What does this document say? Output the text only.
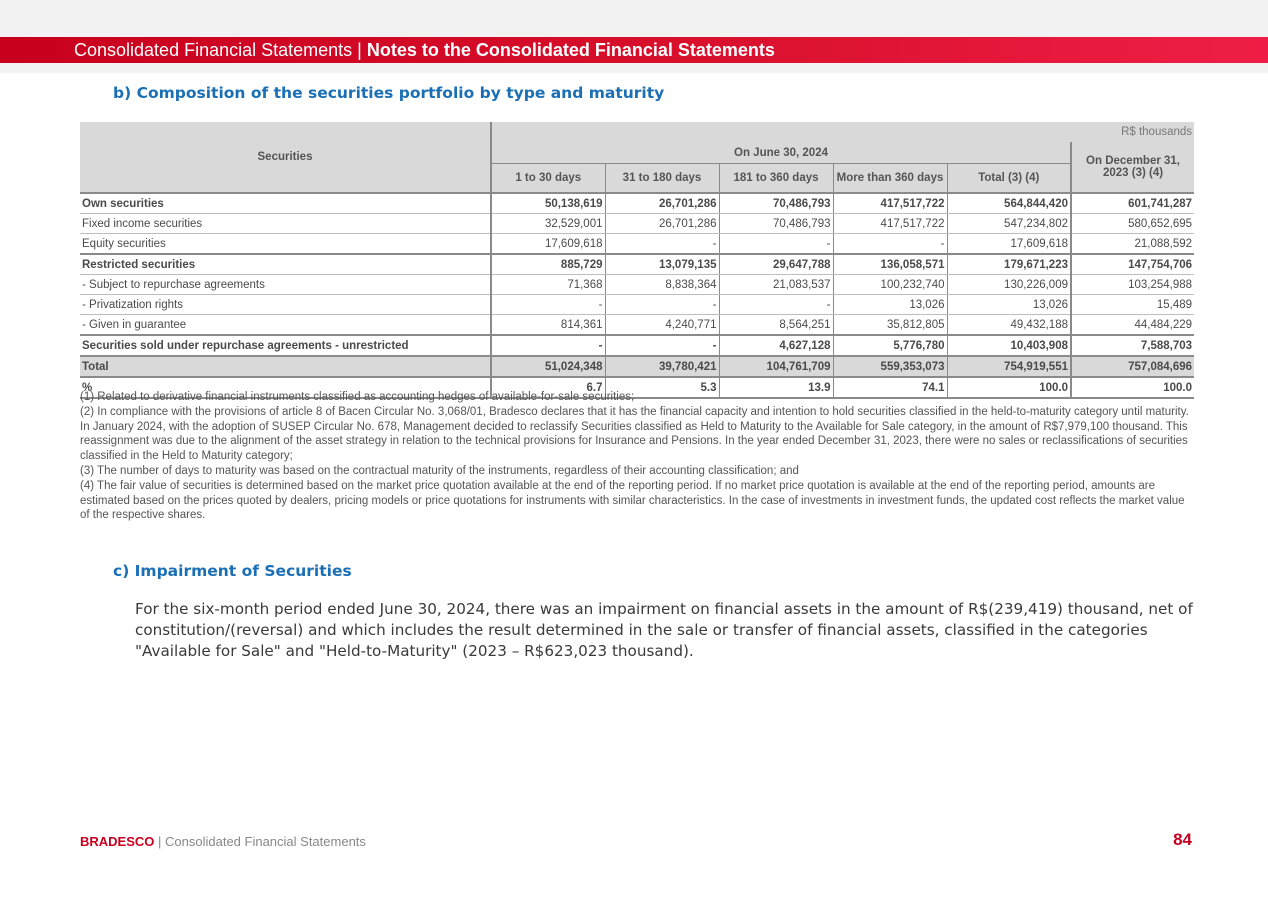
Consolidated Financial Statements | Notes to the Consolidated Financial Statements
b) Composition of the securities portfolio by type and maturity
Securities	R$ thousands					
	On June 30, 2024					On December 31, 2023 (3) (4)
	1 to 30 days	31 to 180 days	181 to 360 days	More than 360 days	Total (3) (4)	
Own securities	50,138,619	26,701,286	70,486,793	417,517,722	564,844,420	601,741,287
Fixed income securities	32,529,001	26,701,286	70,486,793	417,517,722	547,234,802	580,652,695
Equity securities	17,609,618	-	-	-	17,609,618	21,088,592
Restricted securities	885,729	13,079,135	29,647,788	136,058,571	179,671,223	147,754,706
- Subject to repurchase agreements	71,368	8,838,364	21,083,537	100,232,740	130,226,009	103,254,988
- Privatization rights	-	-	-	13,026	13,026	15,489
- Given in guarantee	814,361	4,240,771	8,564,251	35,812,805	49,432,188	44,484,229
Securities sold under repurchase agreements - unrestricted	-	-	4,627,128	5,776,780	10,403,908	7,588,703
Total	51,024,348	39,780,421	104,761,709	559,353,073	754,919,551	757,084,696
%	6.7	5.3	13.9	74.1	100.0	100.0

(1) Related to derivative financial instruments classified as accounting hedges of available-for-sale securities;

(2) In compliance with the provisions of article 8 of Bacen Circular No. 3,068/01, Bradesco declares that it has the financial capacity and intention to hold securities classified in the held-to-maturity category until maturity. In January 2024, with the adoption of SUSEP Circular No. 678, Management decided to reclassify Securities classified as Held to Maturity to the Available for Sale category, in the amount of R$7,979,100 thousand. This reassignment was due to the alignment of the asset strategy in relation to the technical provisions for Insurance and Pensions. In the year ended December 31, 2023, there were no sales or reclassifications of securities classified in the Held to Maturity category;

(3) The number of days to maturity was based on the contractual maturity of the instruments, regardless of their accounting classification; and

(4) The fair value of securities is determined based on the market price quotation available at the end of the reporting period. If no market price quotation is available at the end of the reporting period, amounts are estimated based on the prices quoted by dealers, pricing models or price quotations for instruments with similar characteristics. In the case of investments in investment funds, the updated cost reflects the market value of the respective shares.

c) Impairment of Securities
For the six-month period ended June 30, 2024, there was an impairment on financial assets in the amount of R$(239,419) thousand, net of constitution/(reversal) and which includes the result determined in the sale or transfer of financial assets, classified in the categories "Available for Sale" and "Held-to-Maturity" (2023 – R$623,023 thousand).
BRADESCO | Consolidated Financial Statements	84
